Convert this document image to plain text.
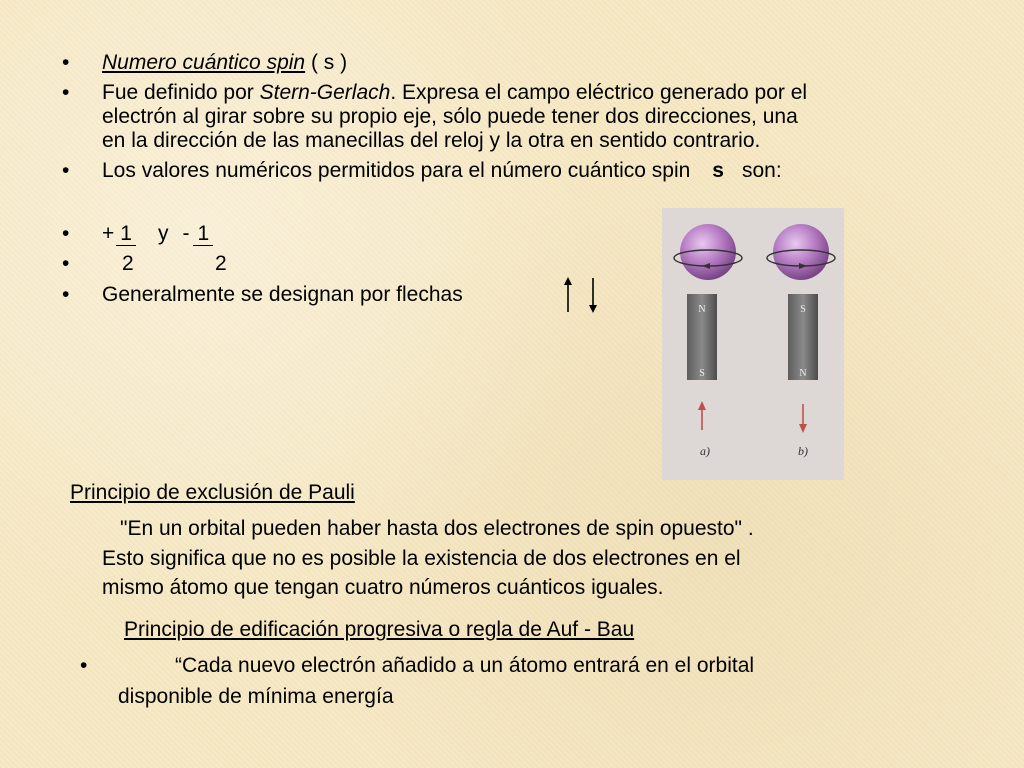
•
•
•
•
•
•
•
Numero cuántico spin ( s )
Fue definido por Stern-Gerlach. Expresa el campo eléctrico generado por el
electrón al girar sobre su propio eje, sólo puede tener dos direcciones, una
en la dirección de las manecillas del reloj y la otra en sentido contrario.
Los valores numéricos permitidos para el número cuántico spin s son:
+ 1 y - 1
2	2
Generalmente se designan por flechas
N
S
S
N
a)	b)
Principio de exclusión de Pauli
"En un orbital pueden haber hasta dos electrones de spin opuesto" .
Esto significa que no es posible la existencia de dos electrones en el
mismo átomo que tengan cuatro números cuánticos iguales.
Principio de edificación progresiva o regla de Auf - Bau
“Cada nuevo electrón añadido a un átomo entrará en el orbital
disponible de mínima energía
